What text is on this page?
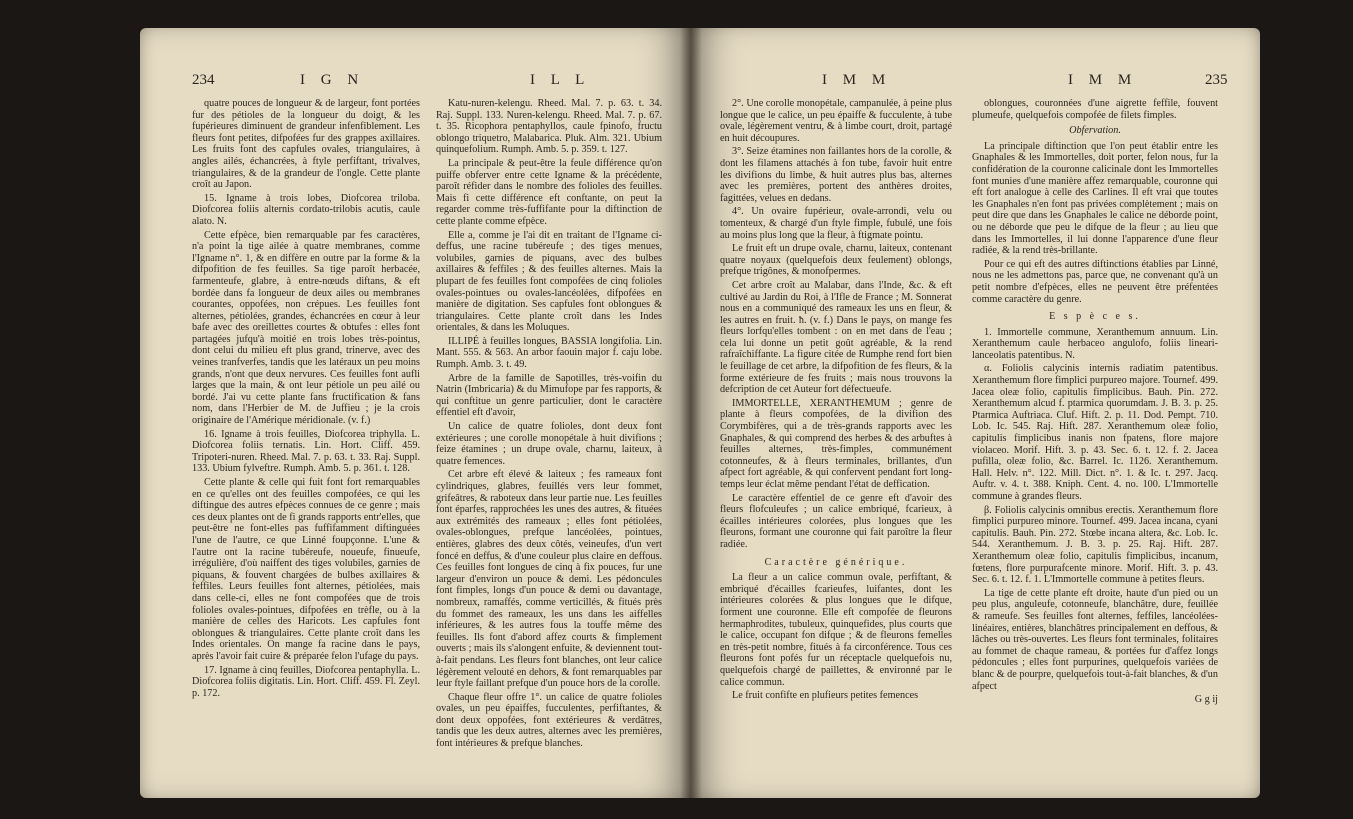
234	I G N	I L L

quatre pouces de longueur & de largeur, font portées fur des pétioles de la longueur du doigt, & les fupérieures diminuent de grandeur infenfiblement. Les fleurs font petites, difpofées fur des grappes axillaires. Les fruits font des capfules ovales, triangulaires, à angles ailés, échancrées, à ftyle perfiftant, trivalves, triangulaires, & de la grandeur de l'ongle. Cette plante croît au Japon.

15. Igname à trois lobes, Diofcorea triloba. Diofcorea foliis alternis cordato-trilobis acutis, caule alato. N.

Cette efpèce, bien remarquable par fes caractères, n'a point la tige ailée à quatre membranes, comme l'Igname n°. 1, & en diffère en outre par la forme & la difpofition de fes feuilles. Sa tige paroît herbacée, farmenteufe, glabre, à entre-nœuds diftans, & eft bordée dans fa longueur de deux ailes ou membranes courantes, oppofées, non crépues. Les feuilles font alternes, pétiolées, grandes, échancrées en cœur à leur bafe avec des oreillettes courtes & obtufes : elles font partagées jufqu'à moitié en trois lobes très-pointus, dont celui du milieu eft plus grand, trinerve, avec des veines tranfverfes, tandis que les latéraux un peu moins grands, n'ont que deux nervures. Ces feuilles font aufli larges que la main, & ont leur pétiole un peu ailé ou bordé. J'ai vu cette plante fans fructification & fans nom, dans l'Herbier de M. de Juffieu ; je la crois originaire de l'Amérique méridionale. (v. f.)

16. Igname à trois feuilles, Diofcorea triphylla. L. Diofcorea foliis ternatis. Lin. Hort. Cliff. 459. Tripoteri-nuren. Rheed. Mal. 7. p. 63. t. 33. Raj. Suppl. 133. Ubium fylveftre. Rumph. Amb. 5. p. 361. t. 128.

Cette plante & celle qui fuit font fort remarquables en ce qu'elles ont des feuilles compofées, ce qui les diftingue des autres efpèces connues de ce genre ; mais ces deux plantes ont de fi grands rapports entr'elles, que peut-être ne font-elles pas fuffifamment diftinguées l'une de l'autre, ce que Linné foupçonne. L'une & l'autre ont la racine tubéreufe, noueufe, finueufe, irrégulière, d'où naiffent des tiges volubiles, garnies de piquans, & fouvent chargées de bulbes axillaires & feffiles. Leurs feuilles font alternes, pétiolées, mais dans celle-ci, elles ne font compofées que de trois folioles ovales-pointues, difpofées en trèfle, ou à la manière de celles des Haricots. Les capfules font oblongues & triangulaires. Cette plante croît dans les Indes orientales. On mange fa racine dans le pays, après l'avoir fait cuire & préparée felon l'ufage du pays.

17. Igname à cinq feuilles, Diofcorea pentaphylla. L. Diofcorea foliis digitatis. Lin. Hort. Cliff. 459. Fl. Zeyl. p. 172.

Katu-nuren-kelengu. Rheed. Mal. 7. p. 63. t. 34. Raj. Suppl. 133. Nuren-kelengu. Rheed. Mal. 7. p. 67. t. 35. Ricophora pentaphyllos, caule fpinofo, fructu oblongo triquetro, Malabarica. Pluk. Alm. 321. Ubium quinquefolium. Rumph. Amb. 5. p. 359. t. 127.

La principale & peut-être la feule différence qu'on puiffe obferver entre cette Igname & la précédente, paroît réfider dans le nombre des folioles des feuilles. Mais fi cette différence eft conftante, on peut la regarder comme très-fuffifante pour la diftinction de cette plante comme efpèce.

Elle a, comme je l'ai dit en traitant de l'Igname ci-deffus, une racine tubéreufe ; des tiges menues, volubiles, garnies de piquans, avec des bulbes axillaires & feffiles ; & des feuilles alternes. Mais la plupart de fes feuilles font compofées de cinq folioles ovales-pointues ou ovales-lancéolées, difpofées en manière de digitation. Ses capfules font oblongues & triangulaires. Cette plante croît dans les Indes orientales, & dans les Moluques.

ILLIPÉ à feuilles longues, BASSIA longifolia. Lin. Mant. 555. & 563. An arbor faouin major f. caju lobe. Rumph. Amb. 3. t. 49.

Arbre de la famille de Sapotilles, très-voifin du Natrin (Imbricaria) & du Mimufope par fes rapports, & qui conftitue un genre particulier, dont le caractère effentiel eft d'avoir,

Un calice de quatre folioles, dont deux font extérieures ; une corolle monopétale à huit divifions ; feize étamines ; un drupe ovale, charnu, laiteux, à quatre femences.

Cet arbre eft élevé & laiteux ; fes rameaux font cylindriques, glabres, feuillés vers leur fommet, grifeâtres, & raboteux dans leur partie nue. Les feuilles font éparfes, rapprochées les unes des autres, & fituées aux extrémités des rameaux ; elles font pétiolées, ovales-oblongues, prefque lancéolées, pointues, entières, glabres des deux côtés, veineufes, d'un vert foncé en deffus, & d'une couleur plus claire en deffous. Ces feuilles font longues de cinq à fix pouces, fur une largeur d'environ un pouce & demi. Les pédoncules font fimples, longs d'un pouce & demi ou davantage, nombreux, ramaffés, comme verticillés, & fitués près du fommet des rameaux, les uns dans les aiffelles inférieures, & les autres fous la touffe même des feuilles. Ils font d'abord affez courts & fimplement ouverts ; mais ils s'alongent enfuite, & deviennent tout-à-fait pendans. Les fleurs font blanches, ont leur calice légèrement velouté en dehors, & font remarquables par leur ftyle faillant prefque d'un pouce hors de la corolle.

Chaque fleur offre 1°. un calice de quatre folioles ovales, un peu épaiffes, fucculentes, perfiftantes, & dont deux oppofées, font extérieures & verdâtres, tandis que les deux autres, alternes avec les premières, font intérieures & prefque blanches.

I M M	I M M	235

2°. Une corolle monopétale, campanulée, à peine plus longue que le calice, un peu épaiffe & fucculente, à tube ovale, légèrement ventru, & à limbe court, droit, partagé en huit découpures.

3°. Seize étamines non faillantes hors de la corolle, & dont les filamens attachés à fon tube, favoir huit entre les divifions du limbe, & huit autres plus bas, alternes avec les premières, portent des anthères droites, fagittées, velues en dedans.

4°. Un ovaire fupérieur, ovale-arrondi, velu ou tomenteux, & chargé d'un ftyle fimple, fubulé, une fois au moins plus long que la fleur, à ftigmate pointu.

Le fruit eft un drupe ovale, charnu, laiteux, contenant quatre noyaux (quelquefois deux feulement) oblongs, prefque trigônes, & monofpermes.

Cet arbre croît au Malabar, dans l'Inde, &c. & eft cultivé au Jardin du Roi, à l'Ifle de France ; M. Sonnerat nous en a communiqué des rameaux les uns en fleur, & les autres en fruit. ħ. (v. f.) Dans le pays, on mange fes fleurs lorfqu'elles tombent : on en met dans de l'eau ; cela lui donne un petit goût agréable, & la rend rafraîchiffante. La figure citée de Rumphe rend fort bien le feuillage de cet arbre, la difpofition de fes fleurs, & la forme extérieure de fes fruits ; mais nous trouvons la defcription de cet Auteur fort défectueufe.

IMMORTELLE, XERANTHEMUM ; genre de plante à fleurs compofées, de la divifion des Corymbifères, qui a de très-grands rapports avec les Gnaphales, & qui comprend des herbes & des arbuftes à feuilles alternes, très-fimples, communément cotonneufes, & à fleurs terminales, brillantes, d'un afpect fort agréable, & qui confervent pendant fort long-temps leur éclat même pendant l'état de deffication.

Le caractère effentiel de ce genre eft d'avoir des fleurs flofculeufes ; un calice embriqué, fcarieux, à écailles intérieures colorées, plus longues que les fleurons, formant une couronne qui fait paroître la fleur radiée.

Caractère générique.

La fleur a un calice commun ovale, perfiftant, & embriqué d'écailles fcarieufes, luifantes, dont les intérieures colorées & plus longues que le difque, forment une couronne. Elle eft compofée de fleurons hermaphrodites, tubuleux, quinquefides, plus courts que le calice, occupant fon difque ; & de fleurons femelles en très-petit nombre, fitués à fa circonférence. Tous ces fleurons font pofés fur un réceptacle quelquefois nu, quelquefois chargé de paillettes, & environné par le calice commun.

Le fruit confifte en plufieurs petites femences

oblongues, couronnées d'une aigrette feffile, fouvent plumeufe, quelquefois compofée de filets fimples.

Obfervation.

La principale diftinction que l'on peut établir entre les Gnaphales & les Immortelles, doit porter, felon nous, fur la confidération de la couronne calicinale dont les Immortelles font munies d'une manière affez remarquable, couronne qui eft fort analogue à celle des Carlines. Il eft vrai que toutes les Gnaphales n'en font pas privées complètement ; mais on peut dire que dans les Gnaphales le calice ne déborde point, ou ne déborde que peu le difque de la fleur ; au lieu que dans les Immortelles, il lui donne l'apparence d'une fleur radiée, & la rend très-brillante.

Pour ce qui eft des autres diftinctions établies par Linné, nous ne les admettons pas, parce que, ne convenant qu'à un petit nombre d'efpèces, elles ne peuvent être préfentées comme caractère du genre.

E s p è c e s.

1. Immortelle commune, Xeranthemum annuum. Lin. Xeranthemum caule herbaceo angulofo, foliis lineari-lanceolatis patentibus. N.

α. Foliolis calycinis internis radiatim patentibus. Xeranthemum flore fimplici purpureo majore. Tournef. 499. Jacea oleæ folio, capitulis fimplicibus. Bauh. Pin. 272. Xeranthemum alcud f. ptarmica quorumdam. J. B. 3. p. 25. Ptarmica Auftriaca. Cluf. Hift. 2. p. 11. Dod. Pempt. 710. Lob. Ic. 545. Raj. Hift. 287. Xeranthemum oleæ folio, capitulis fimplicibus inanis non fpatens, flore majore violaceo. Morif. Hift. 3. p. 43. Sec. 6. t. 12. f. 2. Jacea pufilla, oleæ folio, &c. Barrel. Ic. 1126. Xeranthemum. Hall. Helv. n°. 122. Mill. Dict. n°. 1. & Ic. t. 297. Jacq. Auftr. v. 4. t. 388. Kniph. Cent. 4. no. 100. L'Immortelle commune à grandes fleurs.

β. Foliolis calycinis omnibus erectis. Xeranthemum flore fimplici purpureo minore. Tournef. 499. Jacea incana, cyani capitulis. Bauh. Pin. 272. Stœbe incana altera, &c. Lob. Ic. 544. Xeranthemum. J. B. 3. p. 25. Raj. Hift. 287. Xeranthemum oleæ folio, capitulis fimplicibus, incanum, fœtens, flore purpurafcente minore. Morif. Hift. 3. p. 43. Sec. 6. t. 12. f. 1. L'Immortelle commune à petites fleurs.

La tige de cette plante eft droite, haute d'un pied ou un peu plus, anguleufe, cotonneufe, blanchâtre, dure, feuillée & rameufe. Ses feuilles font alternes, feffiles, lancéolées-linéaires, entières, blanchâtres principalement en deffous, & lâches ou très-ouvertes. Les fleurs font terminales, folitaires au fommet de chaque rameau, & portées fur d'affez longs pédoncules ; elles font purpurines, quelquefois variées de blanc & de pourpre, quelquefois tout-à-fait blanches, & d'un afpect

G g ij
